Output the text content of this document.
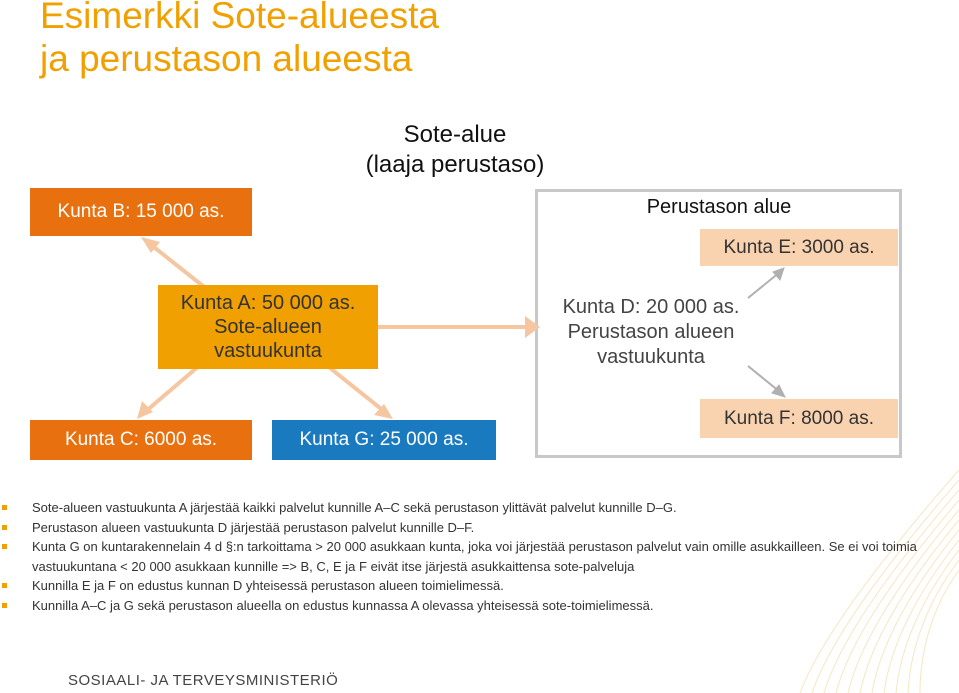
Esimerkki Sote-alueesta
ja perustason alueesta
Sote-alue
(laaja perustaso)
Perustason alue
Kunta B: 15 000 as.
Kunta E: 3000 as.
Kunta A: 50 000 as.
Sote-alueen
vastuukunta
Kunta D: 20 000 as.
Perustason alueen
vastuukunta
Kunta C: 6000 as.	Kunta G: 25 000 as.
Kunta F: 8000 as.
Sote-alueen vastuukunta A järjestää kaikki palvelut kunnille A–C sekä perustason ylittävät palvelut kunnille D–G.
Perustason alueen vastuukunta D järjestää perustason palvelut kunnille D–F.
Kunta G on kuntarakennelain 4 d §:n tarkoittama > 20 000 asukkaan kunta, joka voi järjestää perustason palvelut vain omille asukkailleen. Se ei voi toimia vastuukuntana < 20 000 asukkaan kunnille => B, C, E ja F eivät itse järjestä asukkaittensa sote-palveluja
Kunnilla E ja F on edustus kunnan D yhteisessä perustason alueen toimielimessä.
Kunnilla A–C ja G sekä perustason alueella on edustus kunnassa A olevassa yhteisessä sote-toimielimessä.
SOSIAALI- JA TERVEYSMINISTERIÖ
